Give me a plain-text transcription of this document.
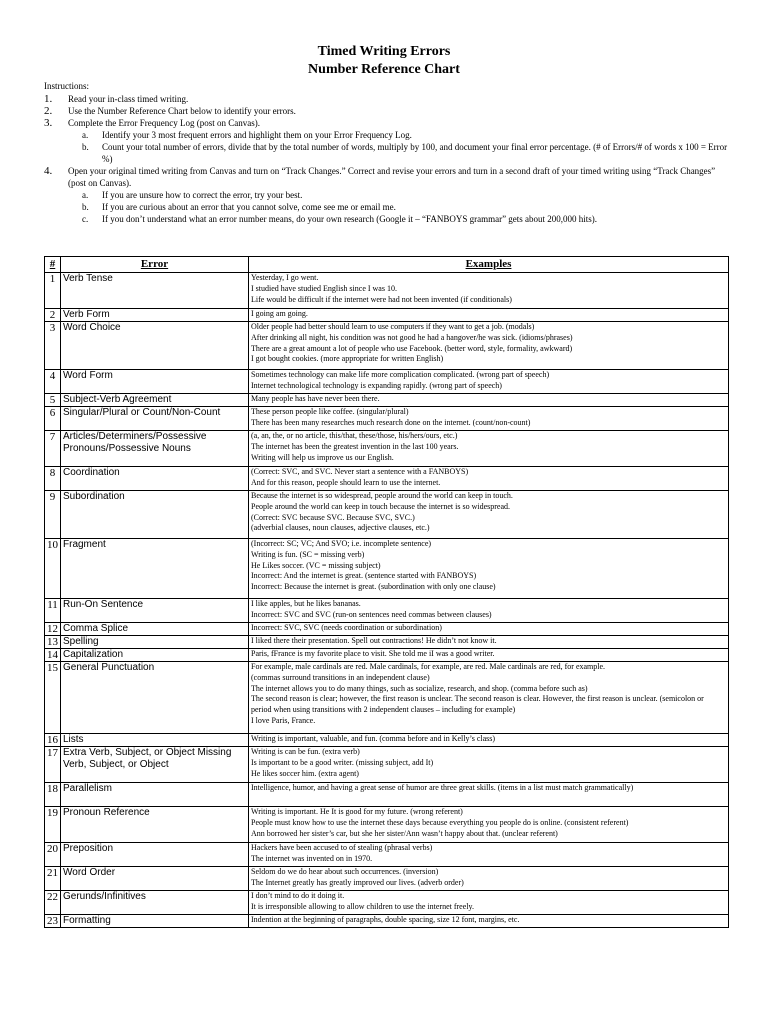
Timed Writing Errors
Number Reference Chart
Instructions:
1.	Read your in-class timed writing.
2.	Use the Number Reference Chart below to identify your errors.
3.	Complete the Error Frequency Log (post on Canvas).
a.	Identify your 3 most frequent errors and highlight them on your Error Frequency Log.
b.	Count your total number of errors, divide that by the total number of words, multiply by 100, and document your final error percentage. (# of Errors/# of words x 100 = Error %)
4.	Open your original timed writing from Canvas and turn on “Track Changes.” Correct and revise your errors and turn in a second draft of your timed writing using “Track Changes” (post on Canvas).
a.	If you are unsure how to correct the error, try your best.
b.	If you are curious about an error that you cannot solve, come see me or email me.
c.	If you don’t understand what an error number means, do your own research (Google it – “FANBOYS grammar” gets about 200,000 hits).
#	Error	Examples
1	Verb Tense	Yesterday, I go went.
I studied have studied English since I was 10.
Life would be difficult if the internet were had not been invented (if conditionals)

2	Verb Form	I going am going.

3	Word Choice	Older people had better should learn to use computers if they want to get a job. (modals)
After drinking all night, his condition was not good he had a hangover/he was sick. (idioms/phrases)
There are a great amount a lot of people who use Facebook. (better word, style, formality, awkward)
I got bought cookies. (more appropriate for written English)

4	Word Form	Sometimes technology can make life more complication complicated. (wrong part of speech)
Internet technological technology is expanding rapidly. (wrong part of speech)

5	Subject-Verb Agreement	Many people has have never been there.

6	Singular/Plural or Count/Non-Count	These person people like coffee. (singular/plural)
There has been many researches much research done on the internet. (count/non-count)

7	Articles/Determiners/Possessive Pronouns/Possessive Nouns	(a, an, the, or no article, this/that, these/those, his/hers/ours, etc.)
The internet has been the greatest invention in the last 100 years.
Writing will help us improve us our English.

8	Coordination	(Correct: SVC, and SVC. Never start a sentence with a FANBOYS)
And for this reason, people should learn to use the internet.

9	Subordination	Because the internet is so widespread, people around the world can keep in touch.
People around the world can keep in touch because the internet is so widespread.
(Correct: SVC because SVC. Because SVC, SVC.)
(adverbial clauses, noun clauses, adjective clauses, etc.)

10	Fragment	(Incorrect: SC; VC; And SVO; i.e. incomplete sentence)
Writing is fun. (SC = missing verb)
He Likes soccer. (VC = missing subject)
Incorrect: And the internet is great. (sentence started with FANBOYS)
Incorrect: Because the internet is great. (subordination with only one clause)

11	Run-On Sentence	I like apples, but he likes bananas.
Incorrect: SVC and SVC (run-on sentences need commas between clauses)

12	Comma Splice	Incorrect: SVC, SVC (needs coordination or subordination)

13	Spelling	I liked there their presentation. Spell out contractions! He didn’t not know it.

14	Capitalization	Paris, fFrance is my favorite place to visit. She told me iI was a good writer.

15	General Punctuation	For example, male cardinals are red. Male cardinals, for example, are red. Male cardinals are red, for example.
(commas surround transitions in an independent clause)
The internet allows you to do many things, such as socialize, research, and shop. (comma before such as)
The second reason is clear; however, the first reason is unclear. The second reason is clear. However, the first reason is unclear. (semicolon or period when using transitions with 2 independent clauses – including for example)
I love Paris, France.

16	Lists	Writing is important, valuable, and fun. (comma before and in Kelly’s class)

17	Extra Verb, Subject, or Object Missing Verb, Subject, or Object	Writing is can be fun. (extra verb)
Is important to be a good writer. (missing subject, add It)
He likes soccer him. (extra agent)

18	Parallelism	Intelligence, humor, and having a great sense of humor are three great skills. (items in a list must match grammatically)

19	Pronoun Reference	Writing is important. He It is good for my future. (wrong referent)
People must know how to use the internet these days because everything you people do is online. (consistent referent)
Ann borrowed her sister’s car, but she her sister/Ann wasn’t happy about that. (unclear referent)

20	Preposition	Hackers have been accused to of stealing (phrasal verbs)
The internet was invented on in 1970.

21	Word Order	Seldom do we do hear about such occurrences. (inversion)
The Internet greatly has greatly improved our lives. (adverb order)

22	Gerunds/Infinitives	I don’t mind to do it doing it.
It is irresponsible allowing to allow children to use the internet freely.

23	Formatting	Indention at the beginning of paragraphs, double spacing, size 12 font, margins, etc.
